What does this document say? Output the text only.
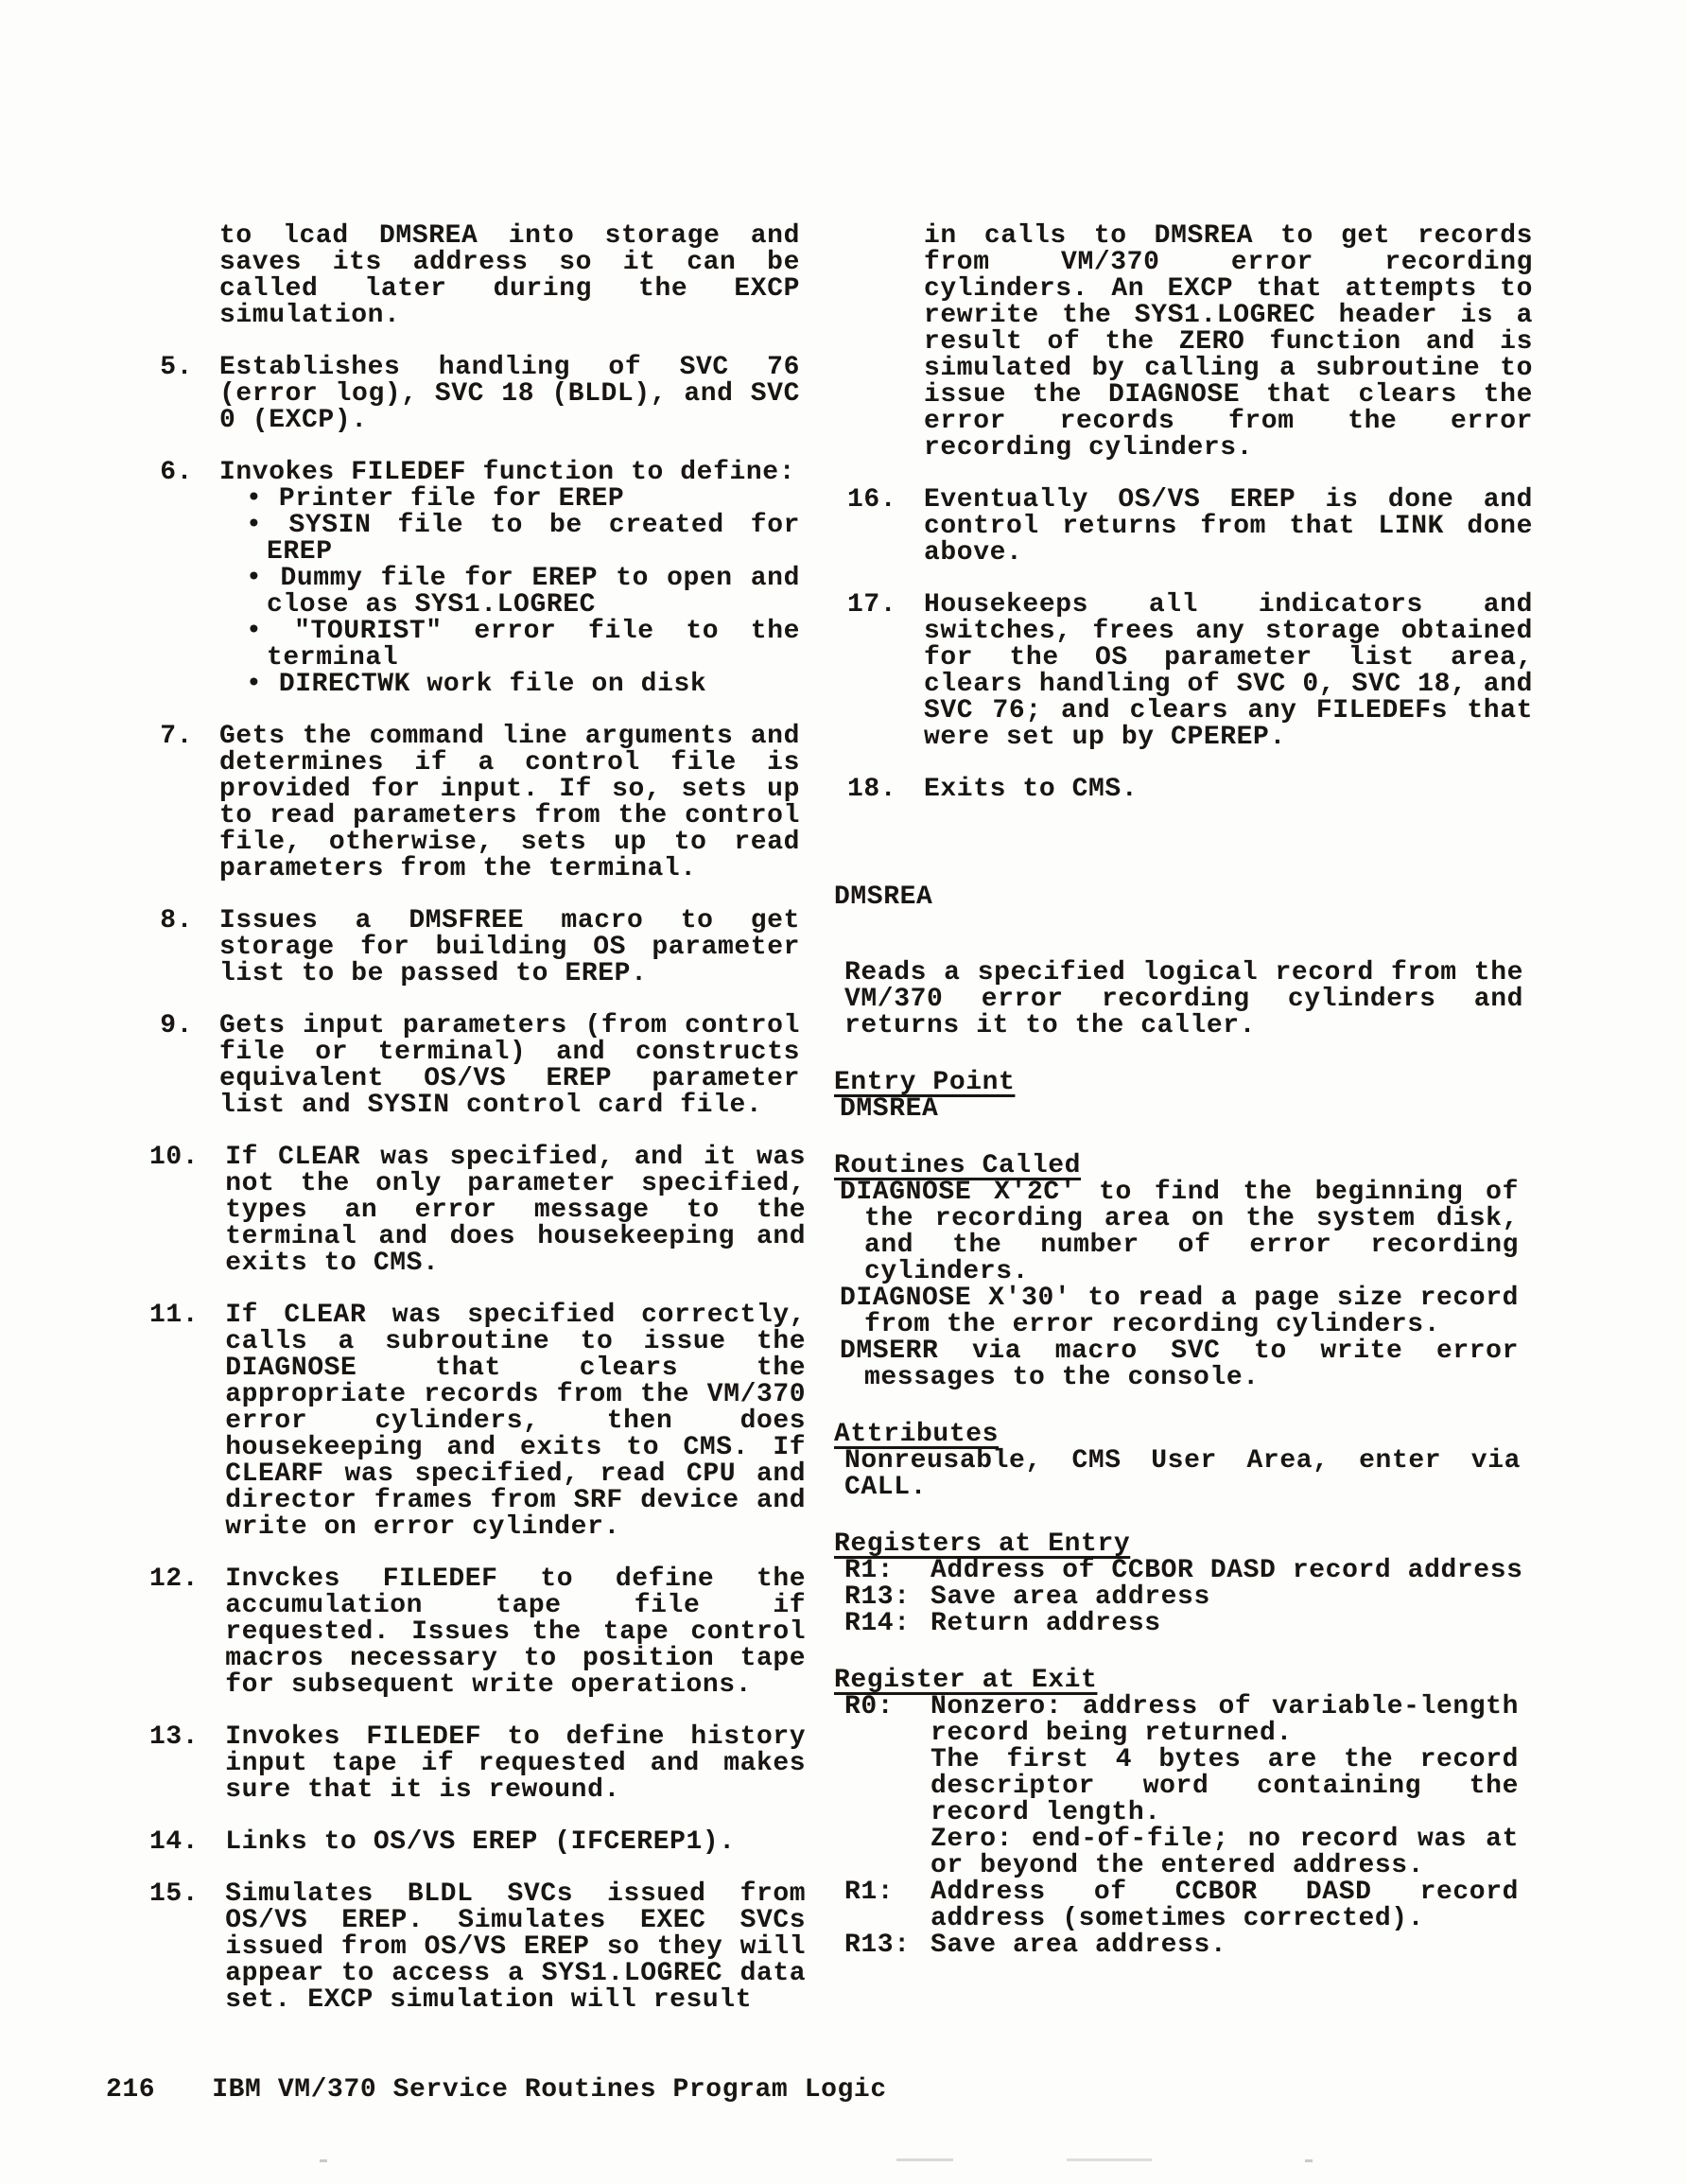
to lcad DMSREA into storage and saves its address so it can be called later during the EXCP simulation.
5.	Establishes handling of SVC 76 (error log), SVC 18 (BLDL), and SVC 0 (EXCP).
6.	Invokes FILEDEF function to define:
• Printer file for EREP
• SYSIN file to be created for EREP
• Dummy file for EREP to open and close as SYS1.LOGREC
• "TOURIST" error file to the terminal
• DIRECTWK work file on disk
7.	Gets the command line arguments and determines if a control file is provided for input. If so, sets up to read parameters from the control file, otherwise, sets up to read parameters from the terminal.
8.	Issues a DMSFREE macro to get storage for building OS parameter list to be passed to EREP.
9.	Gets input parameters (from control file or terminal) and constructs equivalent OS/VS EREP parameter list and SYSIN control card file.
10.	If CLEAR was specified, and it was not the only parameter specified, types an error message to the terminal and does housekeeping and exits to CMS.
11.	If CLEAR was specified correctly, calls a subroutine to issue the DIAGNOSE that clears the appropriate records from the VM/370 error cylinders, then does housekeeping and exits to CMS. If CLEARF was specified, read CPU and director frames from SRF device and write on error cylinder.
12.	Invckes FILEDEF to define the accumulation tape file if requested. Issues the tape control macros necessary to position tape for subsequent write operations.
13.	Invokes FILEDEF to define history input tape if requested and makes sure that it is rewound.
14.	Links to OS/VS EREP (IFCEREP1).
15.	Simulates BLDL SVCs issued from OS/VS EREP. Simulates EXEC SVCs issued from OS/VS EREP so they will appear to access a SYS1.LOGREC data set. EXCP simulation will result
in calls to DMSREA to get records from VM/370 error recording cylinders. An EXCP that attempts to rewrite the SYS1.LOGREC header is a result of the ZERO function and is simulated by calling a subroutine to issue the DIAGNOSE that clears the error records from the error recording cylinders.
16.	Eventually OS/VS EREP is done and control returns from that LINK done above.
17.	Housekeeps all indicators and switches, frees any storage obtained for the OS parameter list area, clears handling of SVC 0, SVC 18, and SVC 76; and clears any FILEDEFs that were set up by CPEREP.
18.	Exits to CMS.
DMSREA
Reads a specified logical record from the VM/370 error recording cylinders and returns it to the caller.
Entry Point
DMSREA
Routines Called
DIAGNOSE X'2C' to find the beginning of the recording area on the system disk, and the number of error recording cylinders.
DIAGNOSE X'30' to read a page size record from the error recording cylinders.
DMSERR via macro SVC to write error messages to the console.
Attributes
Nonreusable, CMS User Area, enter via CALL.
Registers at Entry
R1:	Address of CCBOR DASD record address
R13: Save area address
R14: Return address
Register at Exit
R0:	Nonzero: address of variable-length record being returned.
The first 4 bytes are the record descriptor word containing the record length.
Zero: end-of-file; no record was at or beyond the entered address.
R1:	Address of CCBOR DASD record address (sometimes corrected).
R13: Save area address.
216 IBM VM/370 Service Routines Program Logic
